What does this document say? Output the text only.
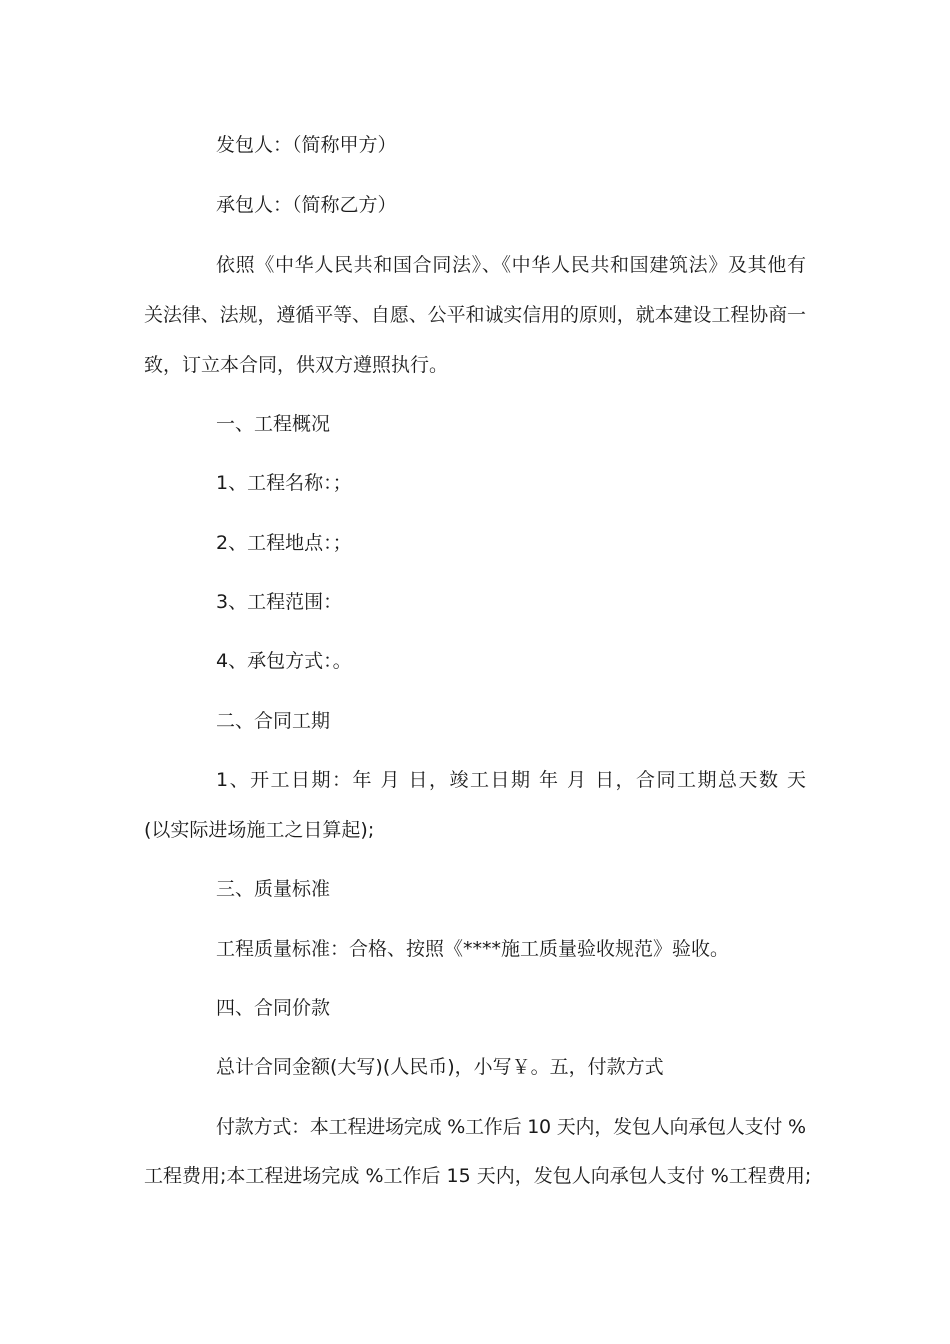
发包人：（简称甲方）
承包人：（简称乙方）
依照《中华人民共和国合同法》、《中华人民共和国建筑法》及其他有
关法律、法规，遵循平等、自愿、公平和诚实信用的原则，就本建设工程协商一
致，订立本合同，供双方遵照执行。
一、工程概况
1、工程名称：；
2、工程地点：；
3、工程范围：
4、承包方式：。
二、合同工期
1、开工日期：年 月 日，竣工日期 年 月 日，合同工期总天数 天
(以实际进场施工之日算起);
三、质量标准
工程质量标准：合格、按照《****施工质量验收规范》验收。
四、合同价款
总计合同金额(大写)(人民币)，小写￥。五，付款方式
付款方式：本工程进场完成 %工作后 10 天内，发包人向承包人支付 %
工程费用;本工程进场完成 %工作后 15 天内，发包人向承包人支付 %工程费用;
